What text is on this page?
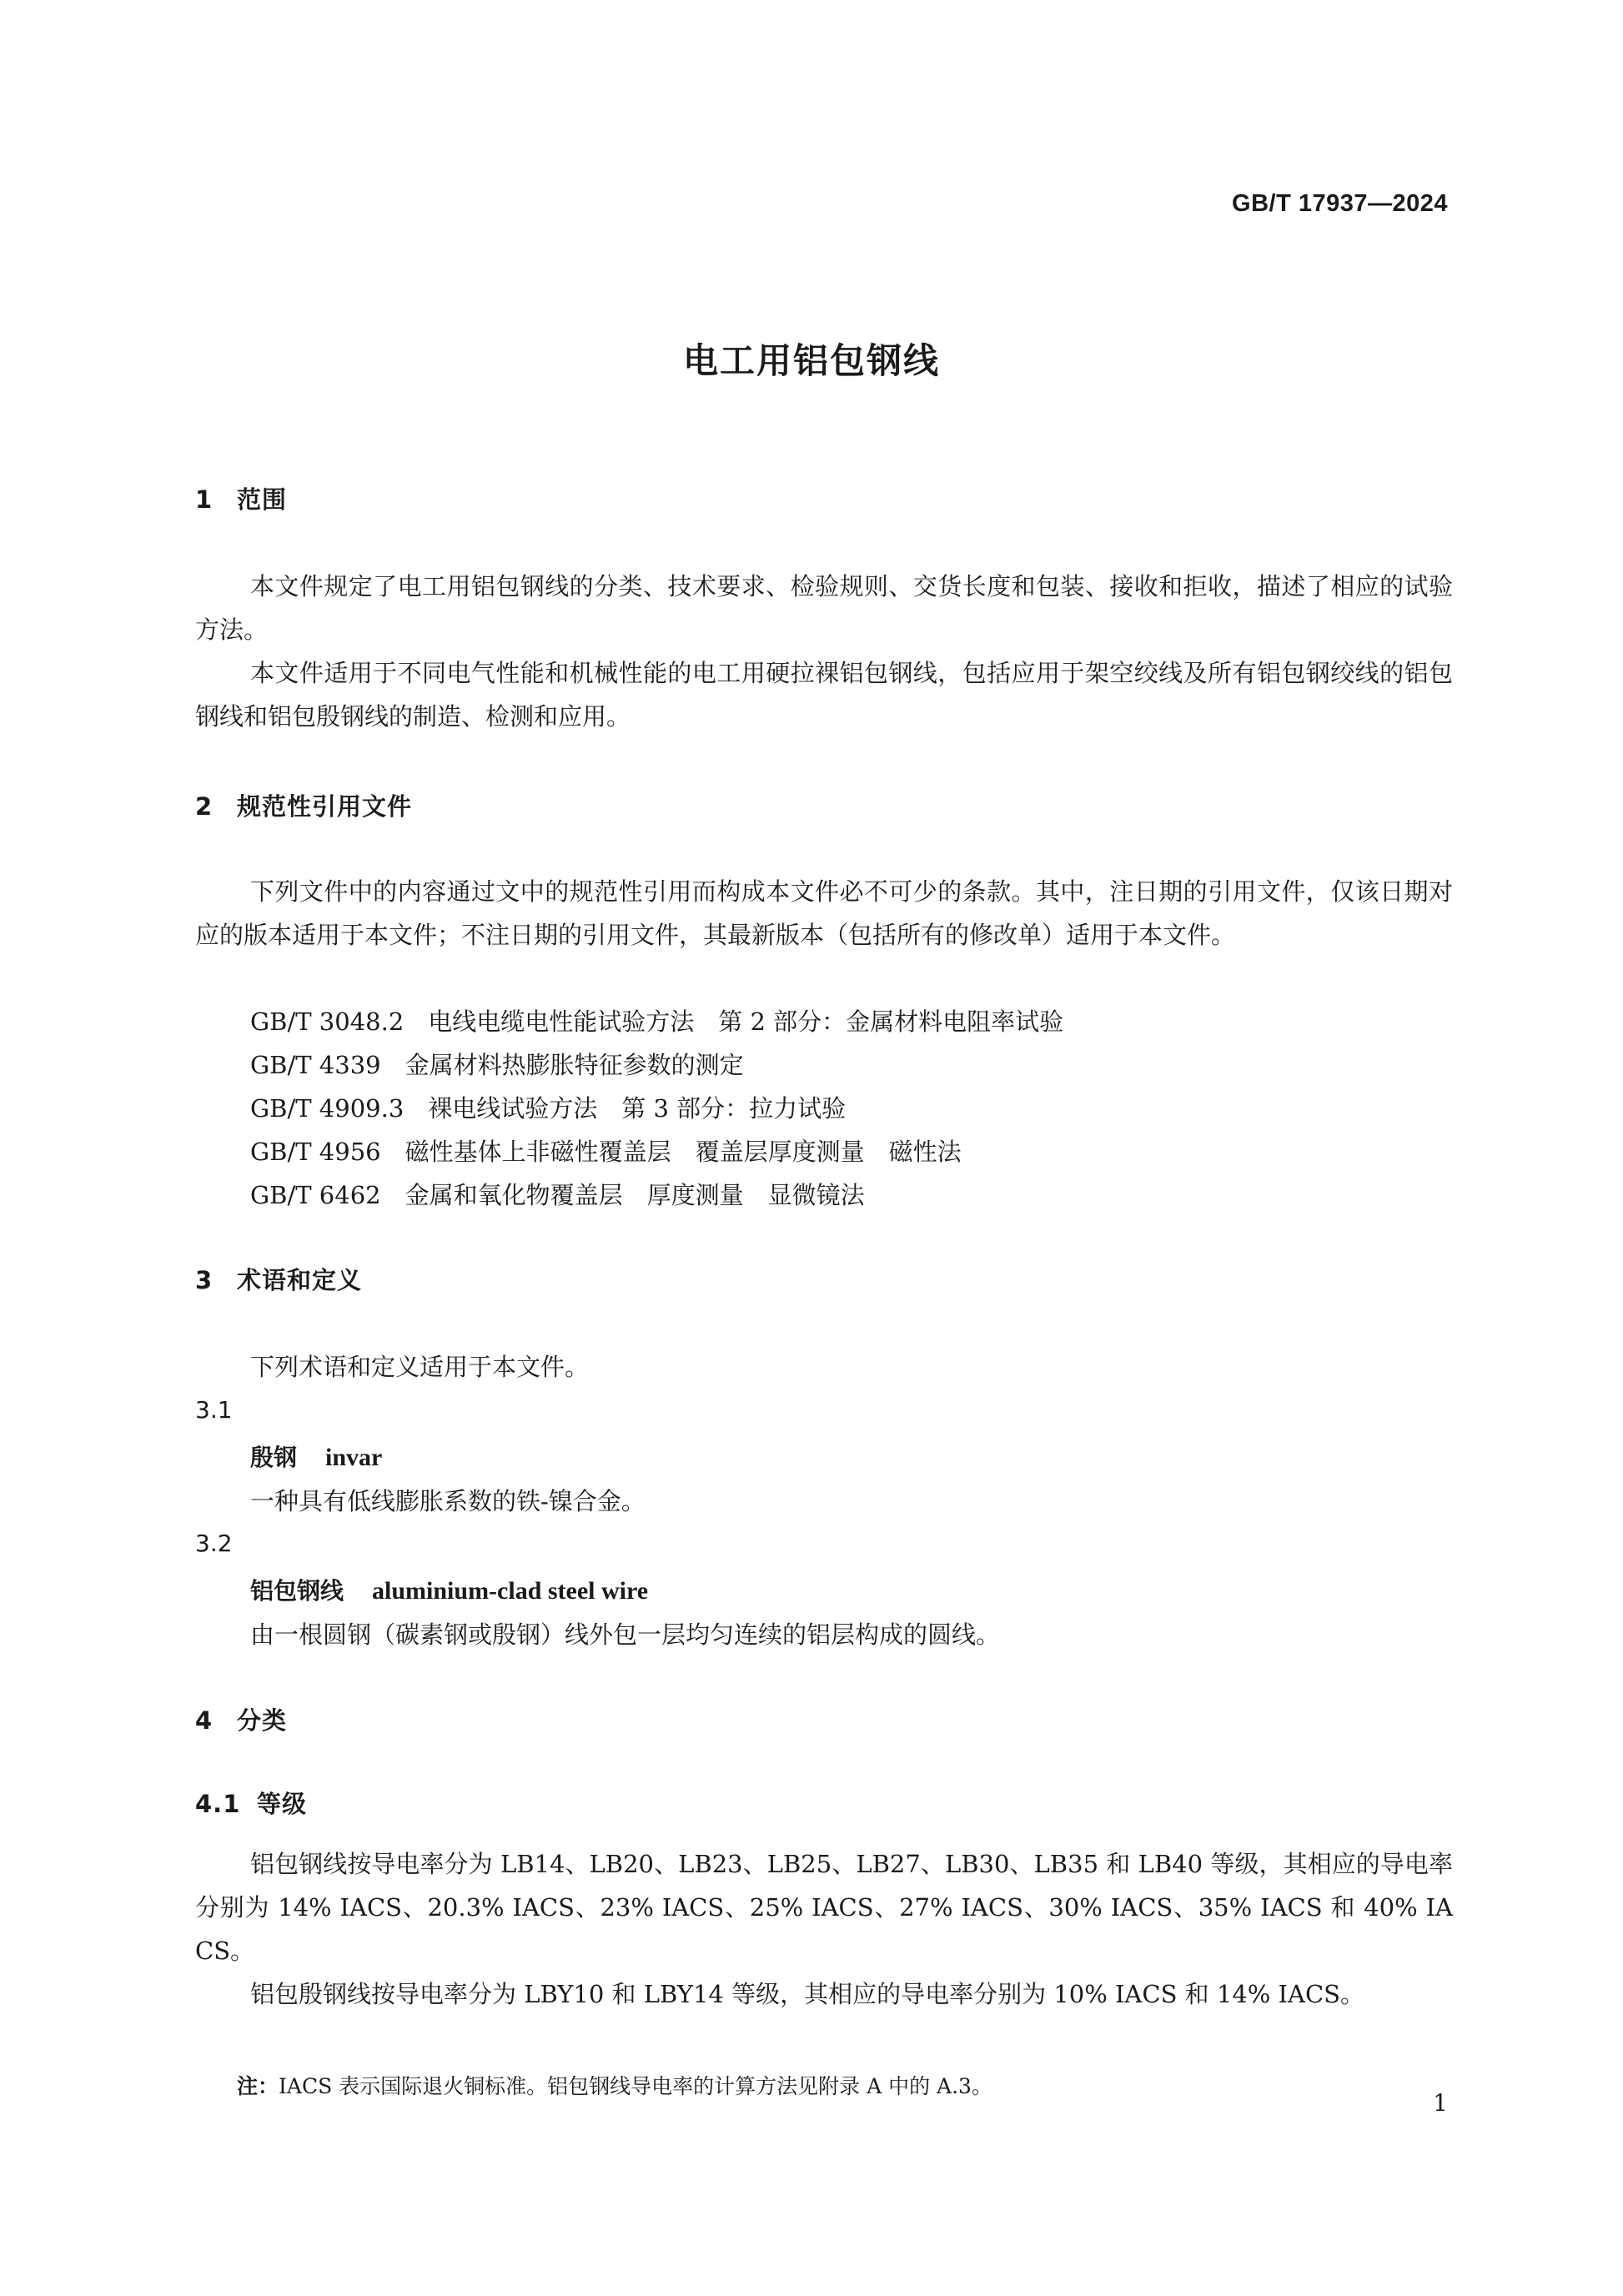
GB/T 17937—2024
电工用铝包钢线
1 范围
本文件规定了电工用铝包钢线的分类、技术要求、检验规则、交货长度和包装、接收和拒收，描述了相应的试验方法。
本文件适用于不同电气性能和机械性能的电工用硬拉裸铝包钢线，包括应用于架空绞线及所有铝包钢绞线的铝包钢线和铝包殷钢线的制造、检测和应用。
2 规范性引用文件
下列文件中的内容通过文中的规范性引用而构成本文件必不可少的条款。其中，注日期的引用文件，仅该日期对应的版本适用于本文件；不注日期的引用文件，其最新版本（包括所有的修改单）适用于本文件。
GB/T 3048.2　电线电缆电性能试验方法　第 2 部分：金属材料电阻率试验
GB/T 4339　金属材料热膨胀特征参数的测定
GB/T 4909.3　裸电线试验方法　第 3 部分：拉力试验
GB/T 4956　磁性基体上非磁性覆盖层　覆盖层厚度测量　磁性法
GB/T 6462　金属和氧化物覆盖层　厚度测量　显微镜法
3 术语和定义
下列术语和定义适用于本文件。
3.1
殷钢 invar
一种具有低线膨胀系数的铁-镍合金。
3.2
铝包钢线 aluminium-clad steel wire
由一根圆钢（碳素钢或殷钢）线外包一层均匀连续的铝层构成的圆线。
4 分类
4.1 等级
铝包钢线按导电率分为 LB14、LB20、LB23、LB25、LB27、LB30、LB35 和 LB40 等级，其相应的导电率分别为 14% IACS、20.3% IACS、23% IACS、25% IACS、27% IACS、30% IACS、35% IACS 和 40% IACS。
铝包殷钢线按导电率分为 LBY10 和 LBY14 等级，其相应的导电率分别为 10% IACS 和 14% IACS。
注：IACS 表示国际退火铜标准。铝包钢线导电率的计算方法见附录 A 中的 A.3。
1
